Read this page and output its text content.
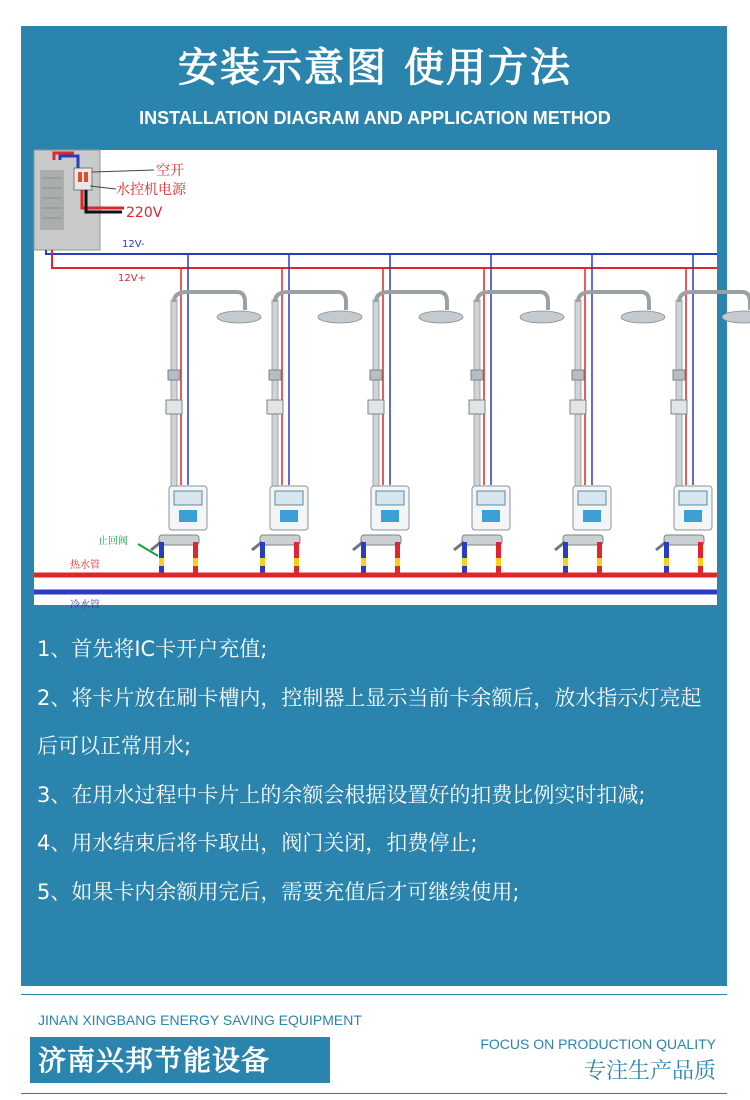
安装示意图 使用方法
INSTALLATION DIAGRAM AND APPLICATION METHOD
空开
水控机电源
220V
12V-
12V+
止回阀
热水管
冷水管

1、首先将IC卡开户充值;

2、将卡片放在刷卡槽内，控制器上显示当前卡余额后，放水指示灯亮起后可以正常用水;

3、在用水过程中卡片上的余额会根据设置好的扣费比例实时扣减;

4、用水结束后将卡取出，阀门关闭，扣费停止;

5、如果卡内余额用完后，需要充值后才可继续使用;

JINAN XINGBANG ENERGY SAVING EQUIPMENT
济南兴邦节能设备	FOCUS ON PRODUCTION QUALITY
专注生产品质
